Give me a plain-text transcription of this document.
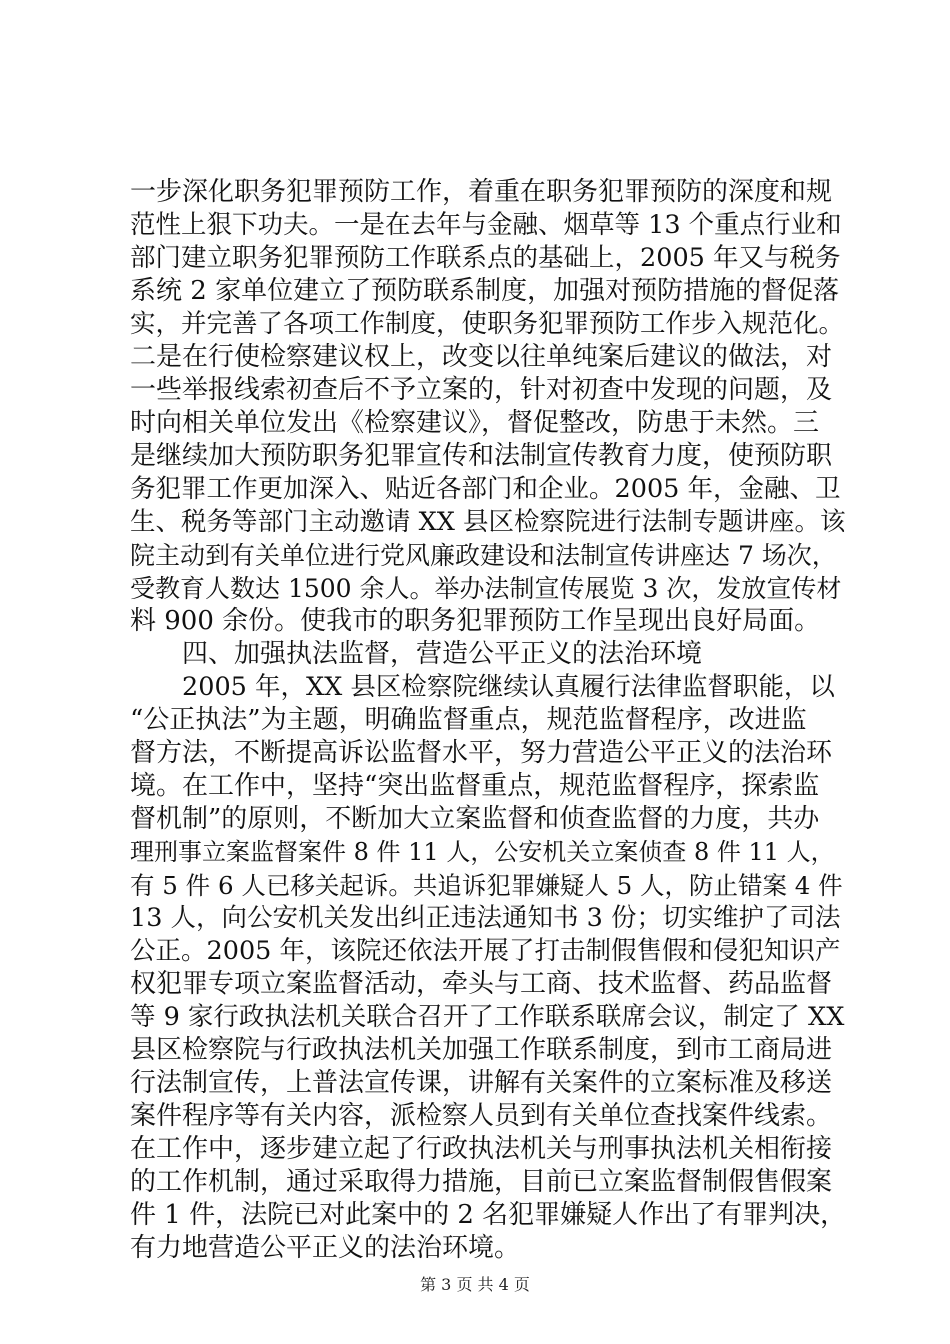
一步深化职务犯罪预防工作，着重在职务犯罪预防的深度和规
范性上狠下功夫。一是在去年与金融、烟草等 13 个重点行业和
部门建立职务犯罪预防工作联系点的基础上，2005 年又与税务
系统 2 家单位建立了预防联系制度，加强对预防措施的督促落
实，并完善了各项工作制度，使职务犯罪预防工作步入规范化。
二是在行使检察建议权上，改变以往单纯案后建议的做法，对
一些举报线索初查后不予立案的，针对初查中发现的问题，及
时向相关单位发出《检察建议》，督促整改，防患于未然。三
是继续加大预防职务犯罪宣传和法制宣传教育力度，使预防职
务犯罪工作更加深入、贴近各部门和企业。2005 年，金融、卫
生、税务等部门主动邀请 XX 县区检察院进行法制专题讲座。该
院主动到有关单位进行党风廉政建设和法制宣传讲座达 7 场次，
受教育人数达 1500 余人。举办法制宣传展览 3 次，发放宣传材
料 900 余份。使我市的职务犯罪预防工作呈现出良好局面。
四、加强执法监督，营造公平正义的法治环境
2005 年，XX 县区检察院继续认真履行法律监督职能，以
“公正执法”为主题，明确监督重点，规范监督程序，改进监
督方法，不断提高诉讼监督水平，努力营造公平正义的法治环
境。在工作中，坚持“突出监督重点，规范监督程序，探索监
督机制”的原则，不断加大立案监督和侦查监督的力度，共办
理刑事立案监督案件 8 件 11 人，公安机关立案侦查 8 件 11 人，
有 5 件 6 人已移关起诉。共追诉犯罪嫌疑人 5 人，防止错案 4 件
13 人，向公安机关发出纠正违法通知书 3 份；切实维护了司法
公正。2005 年，该院还依法开展了打击制假售假和侵犯知识产
权犯罪专项立案监督活动，牵头与工商、技术监督、药品监督
等 9 家行政执法机关联合召开了工作联系联席会议，制定了 XX
县区检察院与行政执法机关加强工作联系制度，到市工商局进
行法制宣传，上普法宣传课，讲解有关案件的立案标准及移送
案件程序等有关内容，派检察人员到有关单位查找案件线索。
在工作中，逐步建立起了行政执法机关与刑事执法机关相衔接
的工作机制，通过采取得力措施，目前已立案监督制假售假案
件 1 件，法院已对此案中的 2 名犯罪嫌疑人作出了有罪判决，
有力地营造公平正义的法治环境。
第 3 页 共 4 页
